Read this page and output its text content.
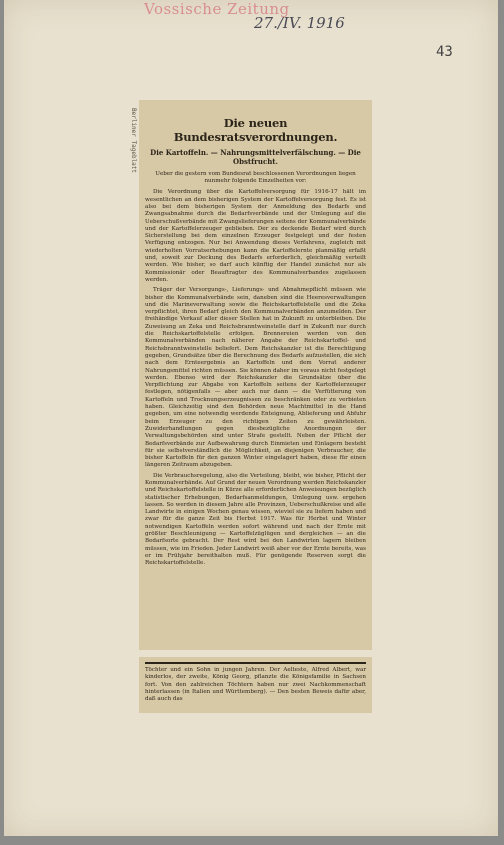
Vossische Zeitung
27./IV. 1916
43
Berliner Tageblatt	Die neuen Bundesratsverordnungen.
Die Kartoffeln. — Nahrungsmittelverfälschung. — Die Obstfrucht.
Ueber die gestern vom Bundesrat beschlossenen Verordnungen liegen nunmehr folgende Einzelheiten vor:

Die Verordnung über die Kartoffelversorgung für 1916-17 hält im wesentlichen an dem bisherigen System der Kartoffelversorgung fest. Es ist also bei dem bisherigen System der Anmeldung des Bedarfs und Zwangsabnahme durch die Bedarfsverbände und der Umlegung auf die Ueberschußverbände mit Zwangslieferungen seitens der Kommunalverbände und der Kartoffelerzeuger geblieben. Der zu deckende Bedarf wird durch Sicherstellung bei dem einzelnen Erzeuger festgelegt und der festen Verfügung entzogen. Nur bei Anwendung dieses Verfahrens, zugleich mit wiederholten Vorratserhebungen kann die Kartoffelernte planmäßig erfaßt und, soweit zur Deckung des Bedarfs erforderlich, gleichmäßig verteilt werden. Wie bisher, so darf auch künftig der Handel zunächst nur als Kommissionär oder Beauftragter des Kommunalverbandes zugelassen werden.

Träger der Versorgungs-, Lieferungs- und Abnahmepflicht müssen wie bisher die Kommunalverbände sein, daneben sind die Heeresverwaltungen und die Marineverwaltung sowie die Reichskartoffelstelle und die Zeka verpflichtet, ihren Bedarf gleich den Kommunalverbänden anzumelden. Der freihändige Verkauf aller dieser Stellen hat in Zukunft zu unterbleiben. Die Zuweisung an Zeka und Reichsbranntweinstelle darf in Zukunft nur durch die Reichskartoffelstelle erfolgen. Brennereien werden von den Kommunalverbänden nach näherer Angabe der Reichskartoffel- und Reichsbranntweinstelle beliefert. Dem Reichskanzler ist die Berechtigung gegeben, Grundsätze über die Berechnung des Bedarfs aufzustellen, die sich nach dem Ernteergebnis an Kartoffeln und dem Vorrat anderer Nahrungsmittel richten müssen. Sie können daher im voraus nicht festgelegt werden. Ebenso wird der Reichskanzler die Grundsätze über die Verpflichtung zur Abgabe von Kartoffeln seitens der Kartoffelerzeuger festlegen, nötigenfalls — aber auch nur dann — die Verfütterung von Kartoffeln und Trocknungserzeugnissen zu beschränken oder zu verbieten haben. Gleichzeitig sind den Behörden neue Machtmittel in die Hand gegeben, um eine notwendig werdende Enteignung, Ablieferung und Abfuhr beim Erzeuger zu den richtigen Zeiten zu gewährleisten. Zuwiderhandlungen gegen diesbezügliche Anordnungen der Verwaltungsbehörden sind unter Strafe gestellt. Neben der Pflicht der Bedarfsverbände zur Aufbewahrung durch Einmieten und Einlagern besteht für sie selbstverständlich die Möglichkeit, an diejenigen Verbraucher, die bisher Kartoffeln für den ganzen Winter eingelagert haben, diese für einen längeren Zeitraum abzugeben.

Die Verbrauchsregelung, also die Verteilung, bleibt, wie bisher, Pflicht der Kommunalverbände. Auf Grund der neuen Verordnung werden Reichskanzler und Reichskartoffelstelle in Kürze alle erforderlichen Anweisungen bezüglich statistischer Erhebungen, Bedarfsanmeldungen, Umlegung usw. ergehen lassen. So werden in diesem Jahre alle Provinzen, Ueberschußkreise und alle Landwirte in einigen Wochen genau wissen, wieviel sie zu liefern haben und zwar für die ganze Zeit bis Herbst 1917. Was für Herbst und Winter notwendigen Kartoffeln werden sofort während und nach der Ernte mit größter Beschleunigung — Kartoffelzüglügen und dergleichen — an die Bedarfsorte gebracht. Der Rest wird bei den Landwirten lagern bleiben müssen, wie im Frieden. Jeder Landwirt weiß aber vor der Ernte bereits, was er im Frühjahr bereithalten muß. Für genügende Reserven sorgt die Reichskartoffelstelle.

Töchter und ein Sohn in jungen Jahren. Der Aelteste, Alfred Albert, war kinderlos, der zweite, König Georg, pflanzte die Königsfamilie in Sachsen fort. Von den zahlreichen Töchtern haben nur zwei Nachkommenschaft hinterlassen (in Italien und Württemberg). — Den besten Beweis dafür aber, daß auch das
